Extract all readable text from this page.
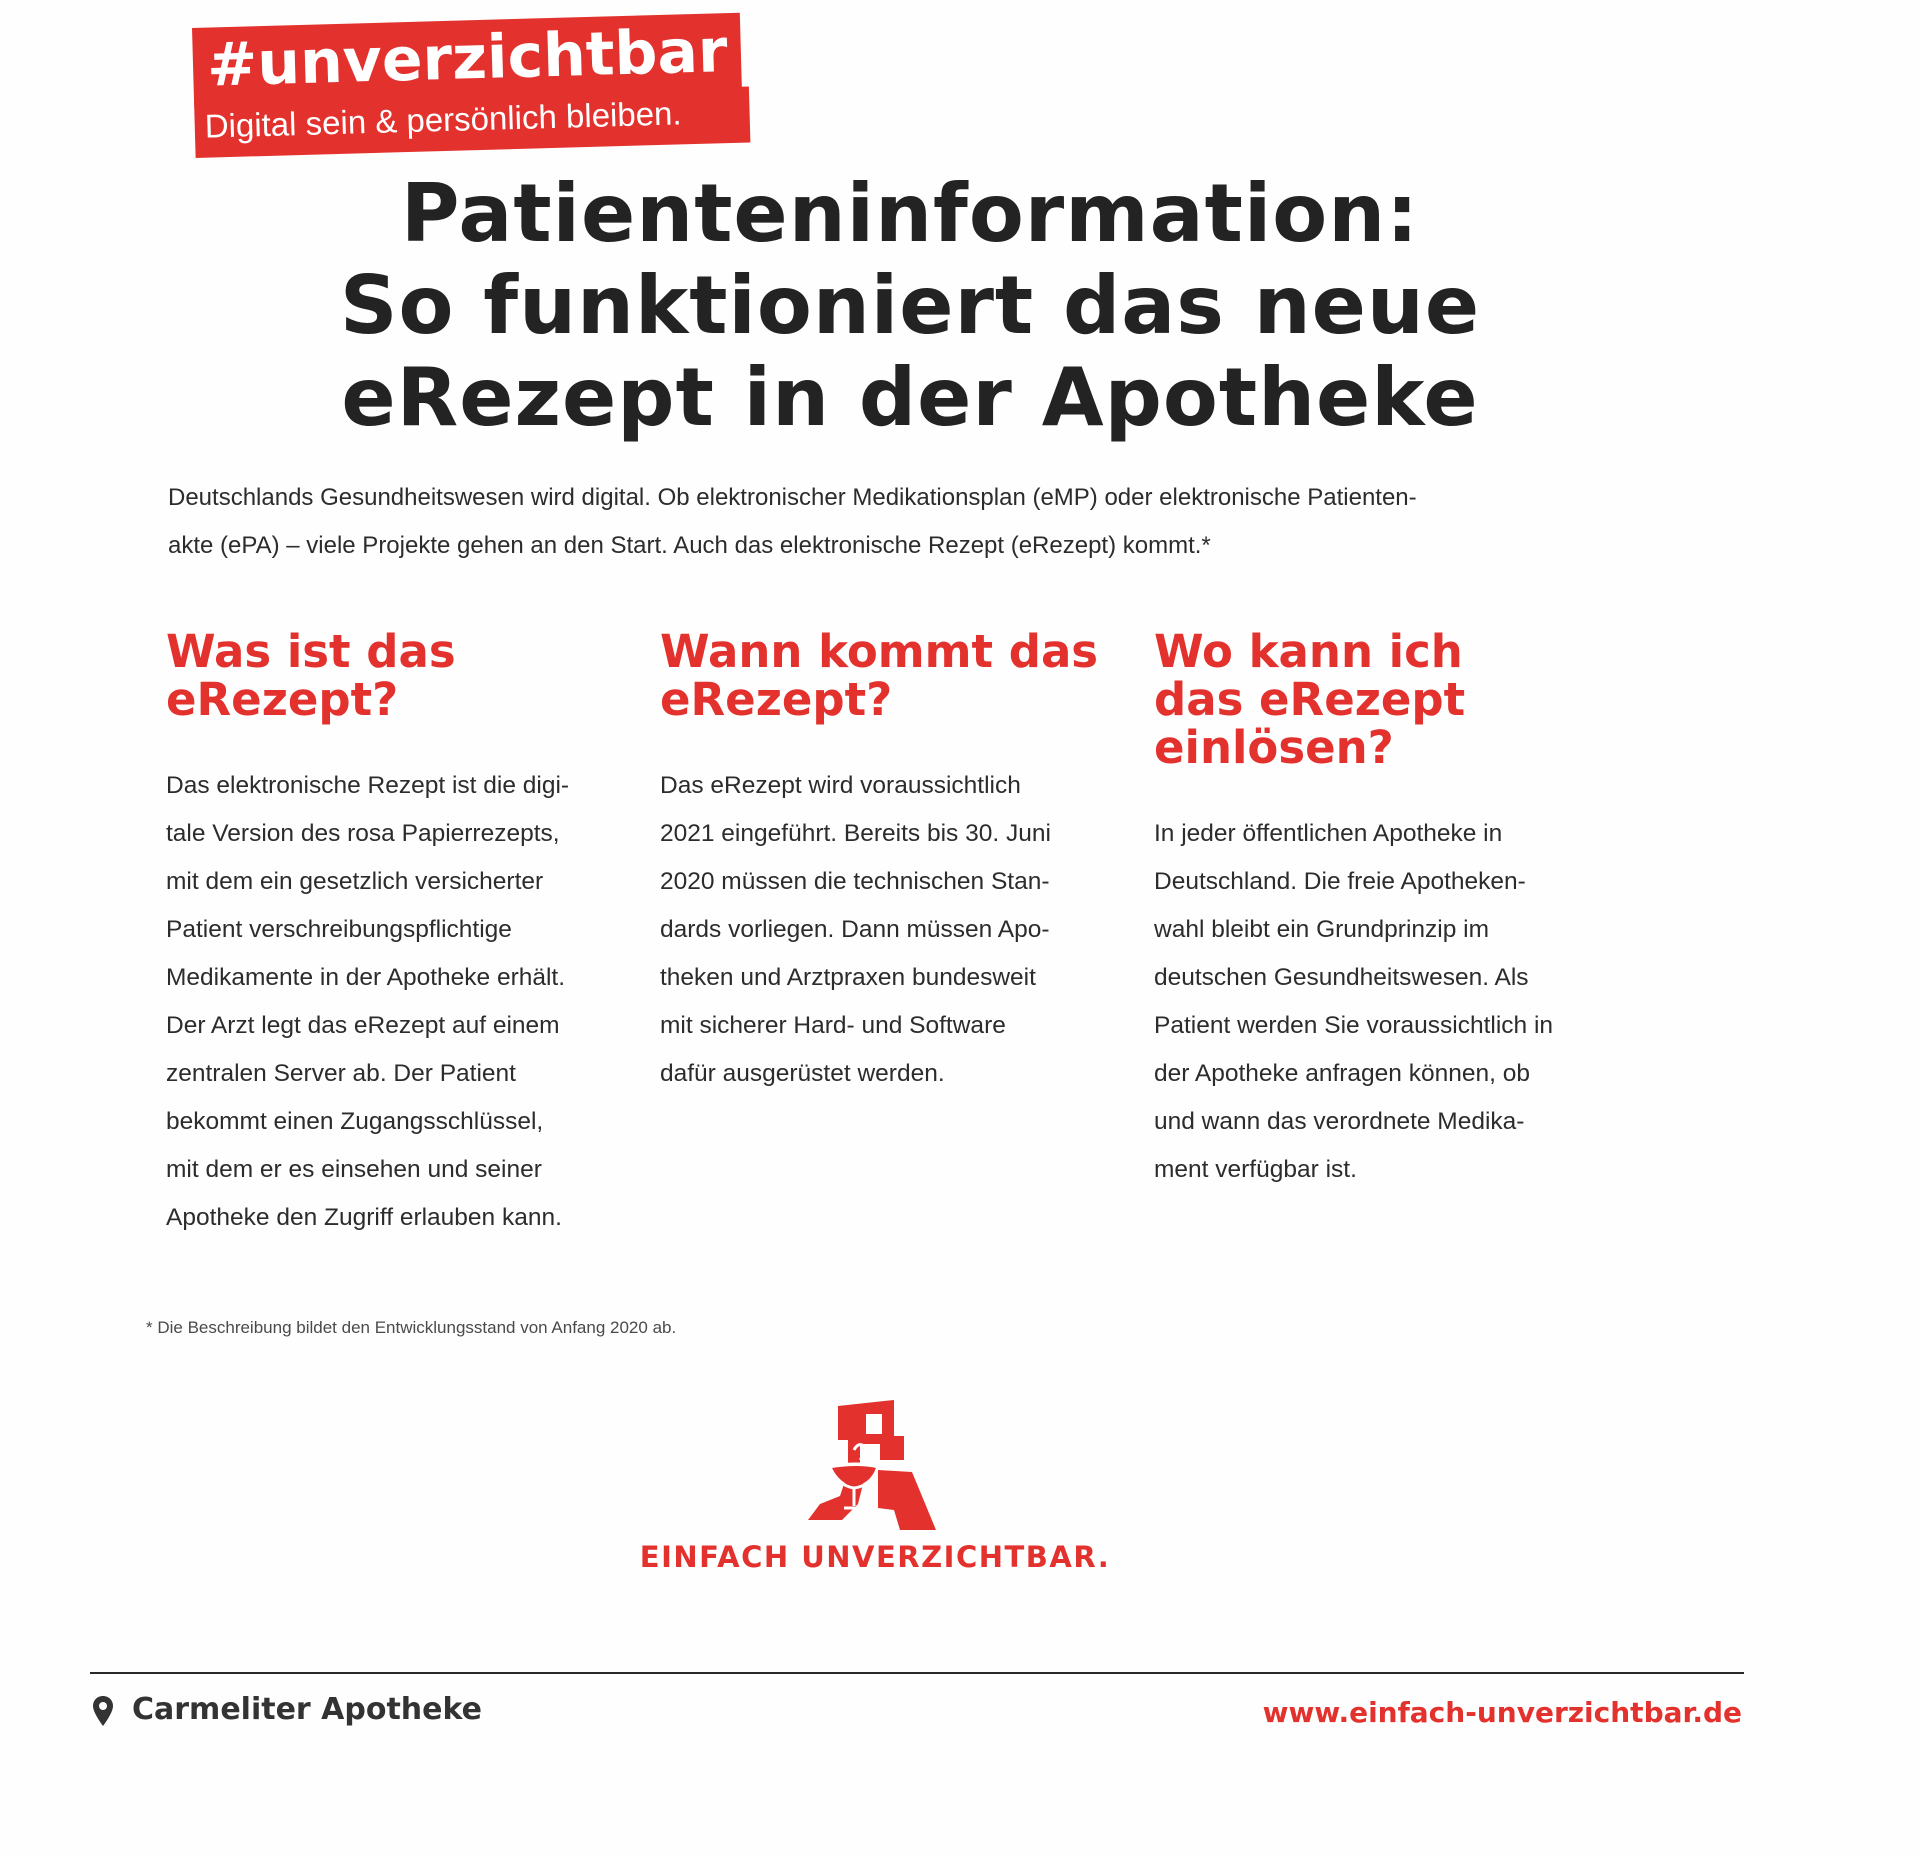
#unverzichtbar
Digital sein & persönlich bleiben.
Patienteninformation:
So funktioniert das neue
eRezept in der Apotheke
Deutschlands Gesundheitswesen wird digital. Ob elektronischer Medikationsplan (eMP) oder elektronische Patienten-
akte (ePA) – viele Projekte gehen an den Start. Auch das elektronische Rezept (eRezept) kommt.*
Was ist das
eRezept?
Das elektronische Rezept ist die digi-
tale Version des rosa Papierrezepts,
mit dem ein gesetzlich versicherter
Patient verschreibungspflichtige
Medikamente in der Apotheke erhält.
Der Arzt legt das eRezept auf einem
zentralen Server ab. Der Patient
bekommt einen Zugangsschlüssel,
mit dem er es einsehen und seiner
Apotheke den Zugriff erlauben kann.
Wann kommt das
eRezept?
Das eRezept wird voraussichtlich
2021 eingeführt. Bereits bis 30. Juni
2020 müssen die technischen Stan-
dards vorliegen. Dann müssen Apo-
theken und Arztpraxen bundesweit
mit sicherer Hard- und Software
dafür ausgerüstet werden.
Wo kann ich
das eRezept
einlösen?
In jeder öffentlichen Apotheke in
Deutschland. Die freie Apotheken-
wahl bleibt ein Grundprinzip im
deutschen Gesundheitswesen. Als
Patient werden Sie voraussichtlich in
der Apotheke anfragen können, ob
und wann das verordnete Medika-
ment verfügbar ist.
* Die Beschreibung bildet den Entwicklungsstand von Anfang 2020 ab.
EINFACH UNVERZICHTBAR.
Carmeliter Apotheke	www.einfach-unverzichtbar.de
